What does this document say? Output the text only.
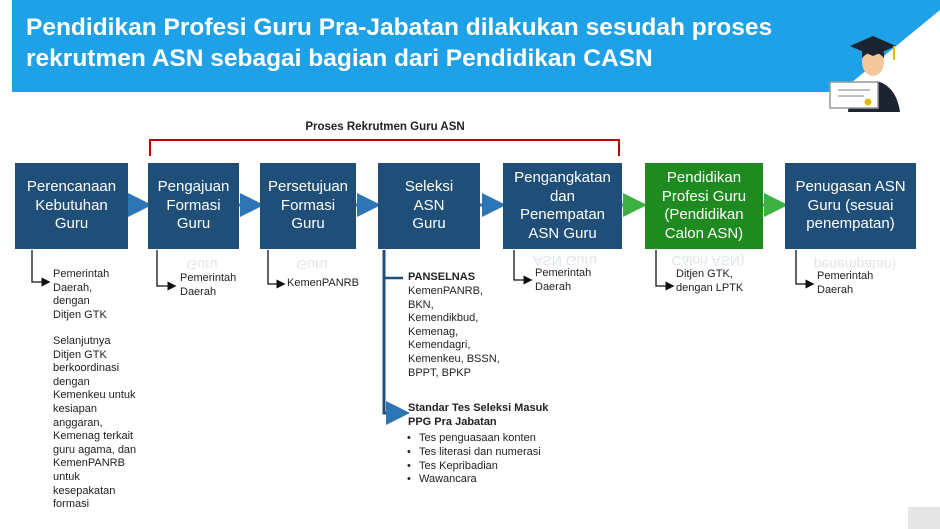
Pendidikan Profesi Guru Pra-Jabatan dilakukan sesudah proses rekrutmen ASN sebagai bagian dari Pendidikan CASN
Proses Rekrutmen Guru ASN
Perencanaan
Kebutuhan
Guru
Pengajuan
Formasi
Guru
Persetujuan
Formasi
Guru
Seleksi
ASN
Guru
Pengangkatan
dan
Penempatan
ASN Guru
Pendidikan
Profesi Guru
(Pendidikan
Calon ASN)
Penugasan ASN
Guru (sesuai
penempatan)
Guru	Guru	ASN Guru	Calon ASN)	penempatan)
Pemerintah
Daerah,
dengan
Ditjen GTK
Selanjutnya
Ditjen GTK
berkoordinasi
dengan
Kemenkeu untuk
kesiapan
anggaran,
Kemenag terkait
guru agama, dan
KemenPANRB
untuk
kesepakatan
formasi
Pemerintah
Daerah
KemenPANRB	PANSELNAS
KemenPANRB,
BKN,
Kemendikbud,
Kemenag,
Kemendagri,
Kemenkeu, BSSN,
BPPT, BPKP
Standar Tes Seleksi Masuk
PPG Pra Jabatan
• Tes penguasaan konten
• Tes literasi dan numerasi
• Tes Kepribadian
• Wawancara
Pemerintah
Daerah
Ditjen GTK,
dengan LPTK
Pemerintah
Daerah
